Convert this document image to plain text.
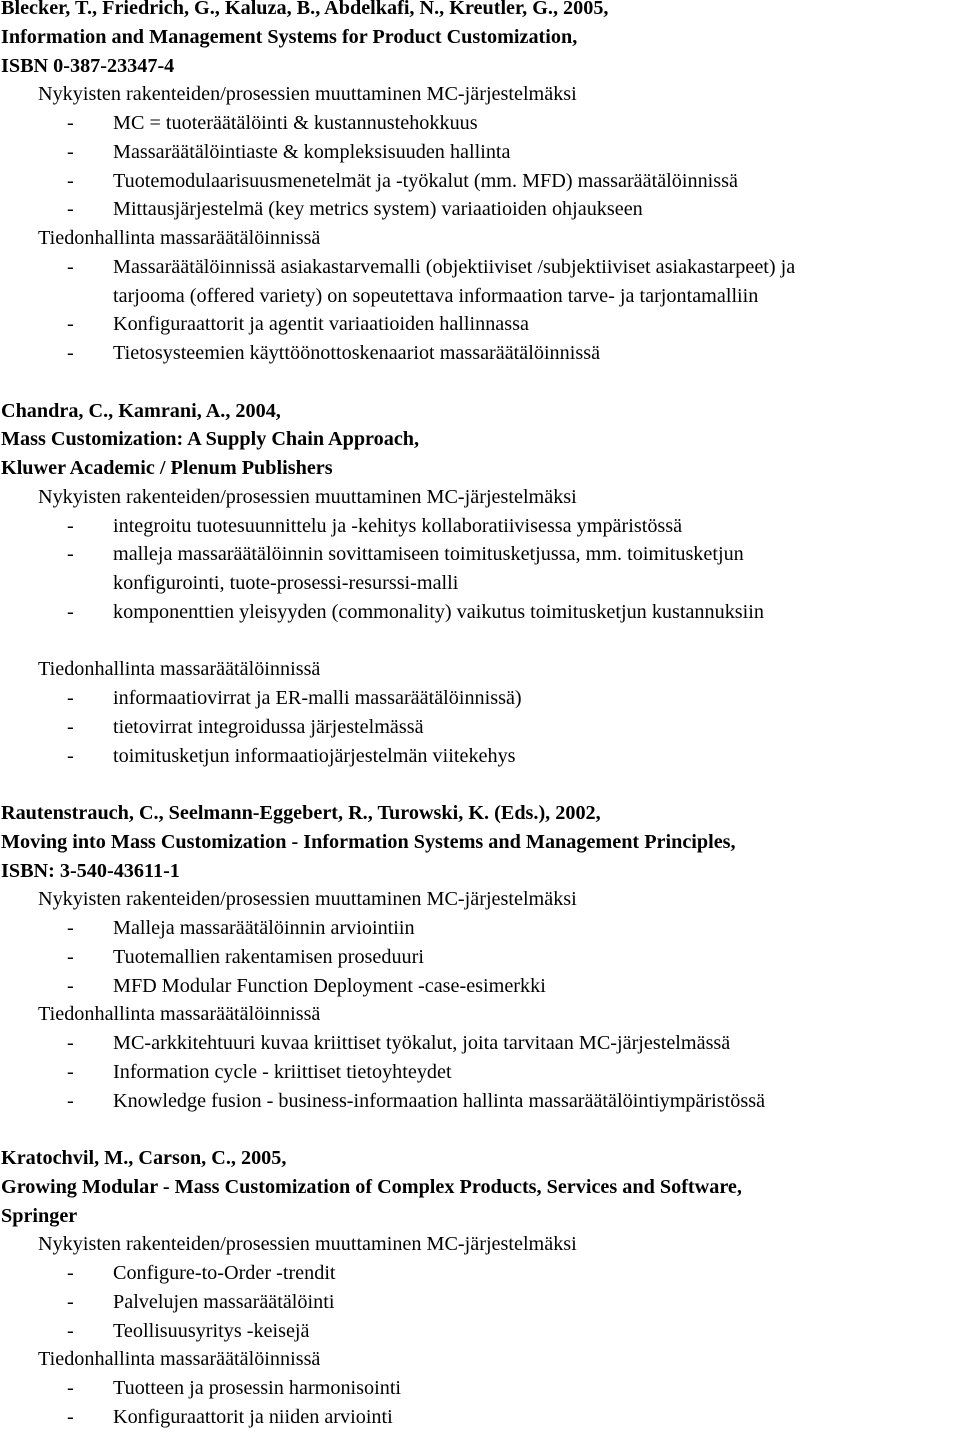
Blecker, T., Friedrich, G., Kaluza, B., Abdelkafi, N., Kreutler, G., 2005,
Information and Management Systems for Product Customization,
ISBN 0-387-23347-4
Nykyisten rakenteiden/prosessien muuttaminen MC-järjestelmäksi
- MC = tuoteräätälöinti & kustannustehokkuus
- Massaräätälöintiaste & kompleksisuuden hallinta
- Tuotemodulaarisuusmenetelmät ja -työkalut (mm. MFD) massaräätälöinnissä
- Mittausjärjestelmä (key metrics system) variaatioiden ohjaukseen
Tiedonhallinta massaräätälöinnissä
- Massaräätälöinnissä asiakastarvemalli (objektiiviset /subjektiiviset asiakastarpeet) ja
tarjooma (offered variety) on sopeutettava informaation tarve- ja tarjontamalliin
- Konfiguraattorit ja agentit variaatioiden hallinnassa
- Tietosysteemien käyttöönottoskenaariot massaräätälöinnissä
Chandra, C., Kamrani, A., 2004,
Mass Customization: A Supply Chain Approach,
Kluwer Academic / Plenum Publishers
Nykyisten rakenteiden/prosessien muuttaminen MC-järjestelmäksi
- integroitu tuotesuunnittelu ja -kehitys kollaboratiivisessa ympäristössä
- malleja massaräätälöinnin sovittamiseen toimitusketjussa, mm. toimitusketjun
konfigurointi, tuote-prosessi-resurssi-malli
- komponenttien yleisyyden (commonality) vaikutus toimitusketjun kustannuksiin
Tiedonhallinta massaräätälöinnissä
- informaatiovirrat ja ER-malli massaräätälöinnissä)
- tietovirrat integroidussa järjestelmässä
- toimitusketjun informaatiojärjestelmän viitekehys
Rautenstrauch, C., Seelmann-Eggebert, R., Turowski, K. (Eds.), 2002,
Moving into Mass Customization - Information Systems and Management Principles,
ISBN: 3-540-43611-1
Nykyisten rakenteiden/prosessien muuttaminen MC-järjestelmäksi
- Malleja massaräätälöinnin arviointiin
- Tuotemallien rakentamisen proseduuri
- MFD Modular Function Deployment -case-esimerkki
Tiedonhallinta massaräätälöinnissä
- MC-arkkitehtuuri kuvaa kriittiset työkalut, joita tarvitaan MC-järjestelmässä
- Information cycle - kriittiset tietoyhteydet
- Knowledge fusion - business-informaation hallinta massaräätälöintiympäristössä
Kratochvil, M., Carson, C., 2005,
Growing Modular - Mass Customization of Complex Products, Services and Software,
Springer
Nykyisten rakenteiden/prosessien muuttaminen MC-järjestelmäksi
- Configure-to-Order -trendit
- Palvelujen massaräätälöinti
- Teollisuusyritys -keisejä
Tiedonhallinta massaräätälöinnissä
- Tuotteen ja prosessin harmonisointi
- Konfiguraattorit ja niiden arviointi
